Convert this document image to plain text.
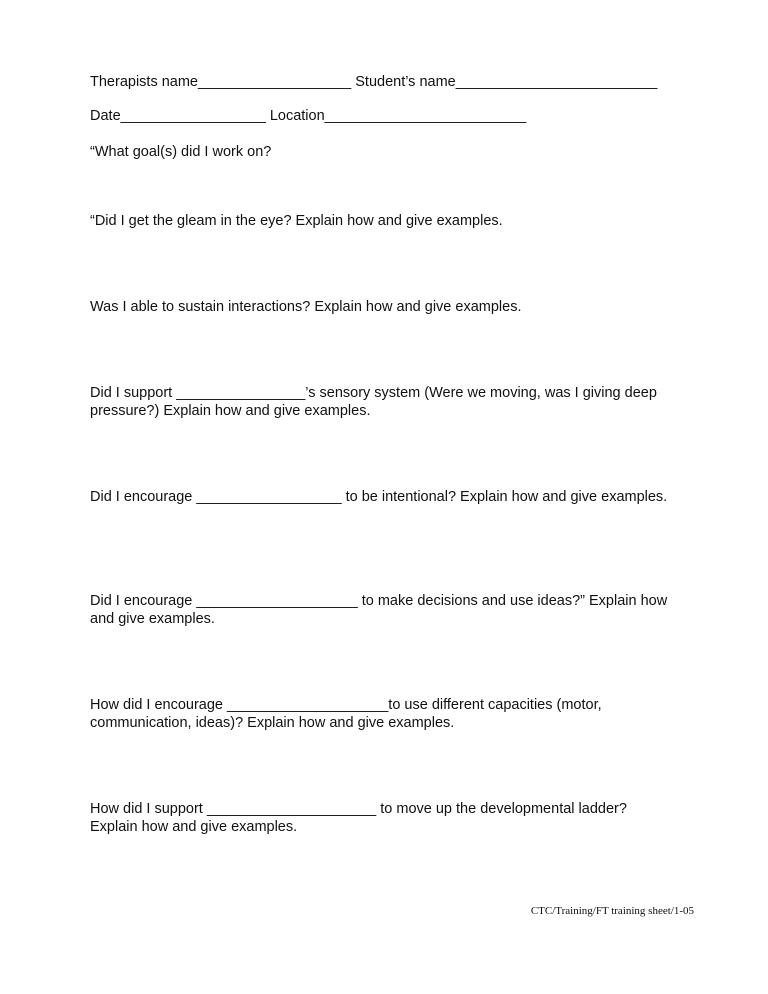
Therapists name___________________ Student’s name_________________________
Date__________________ Location_________________________
“What goal(s) did I work on?
“Did I get the gleam in the eye? Explain how and give examples.
Was I able to sustain interactions? Explain how and give examples.
Did I support ________________’s sensory system (Were we moving, was I giving deep
pressure?) Explain how and give examples.
Did I encourage __________________ to be intentional? Explain how and give examples.
Did I encourage ____________________ to make decisions and use ideas?” Explain how
and give examples.
How did I encourage ____________________to use different capacities (motor,
communication, ideas)? Explain how and give examples.
How did I support _____________________ to move up the developmental ladder?
Explain how and give examples.
CTC/Training/FT training sheet/1-05
